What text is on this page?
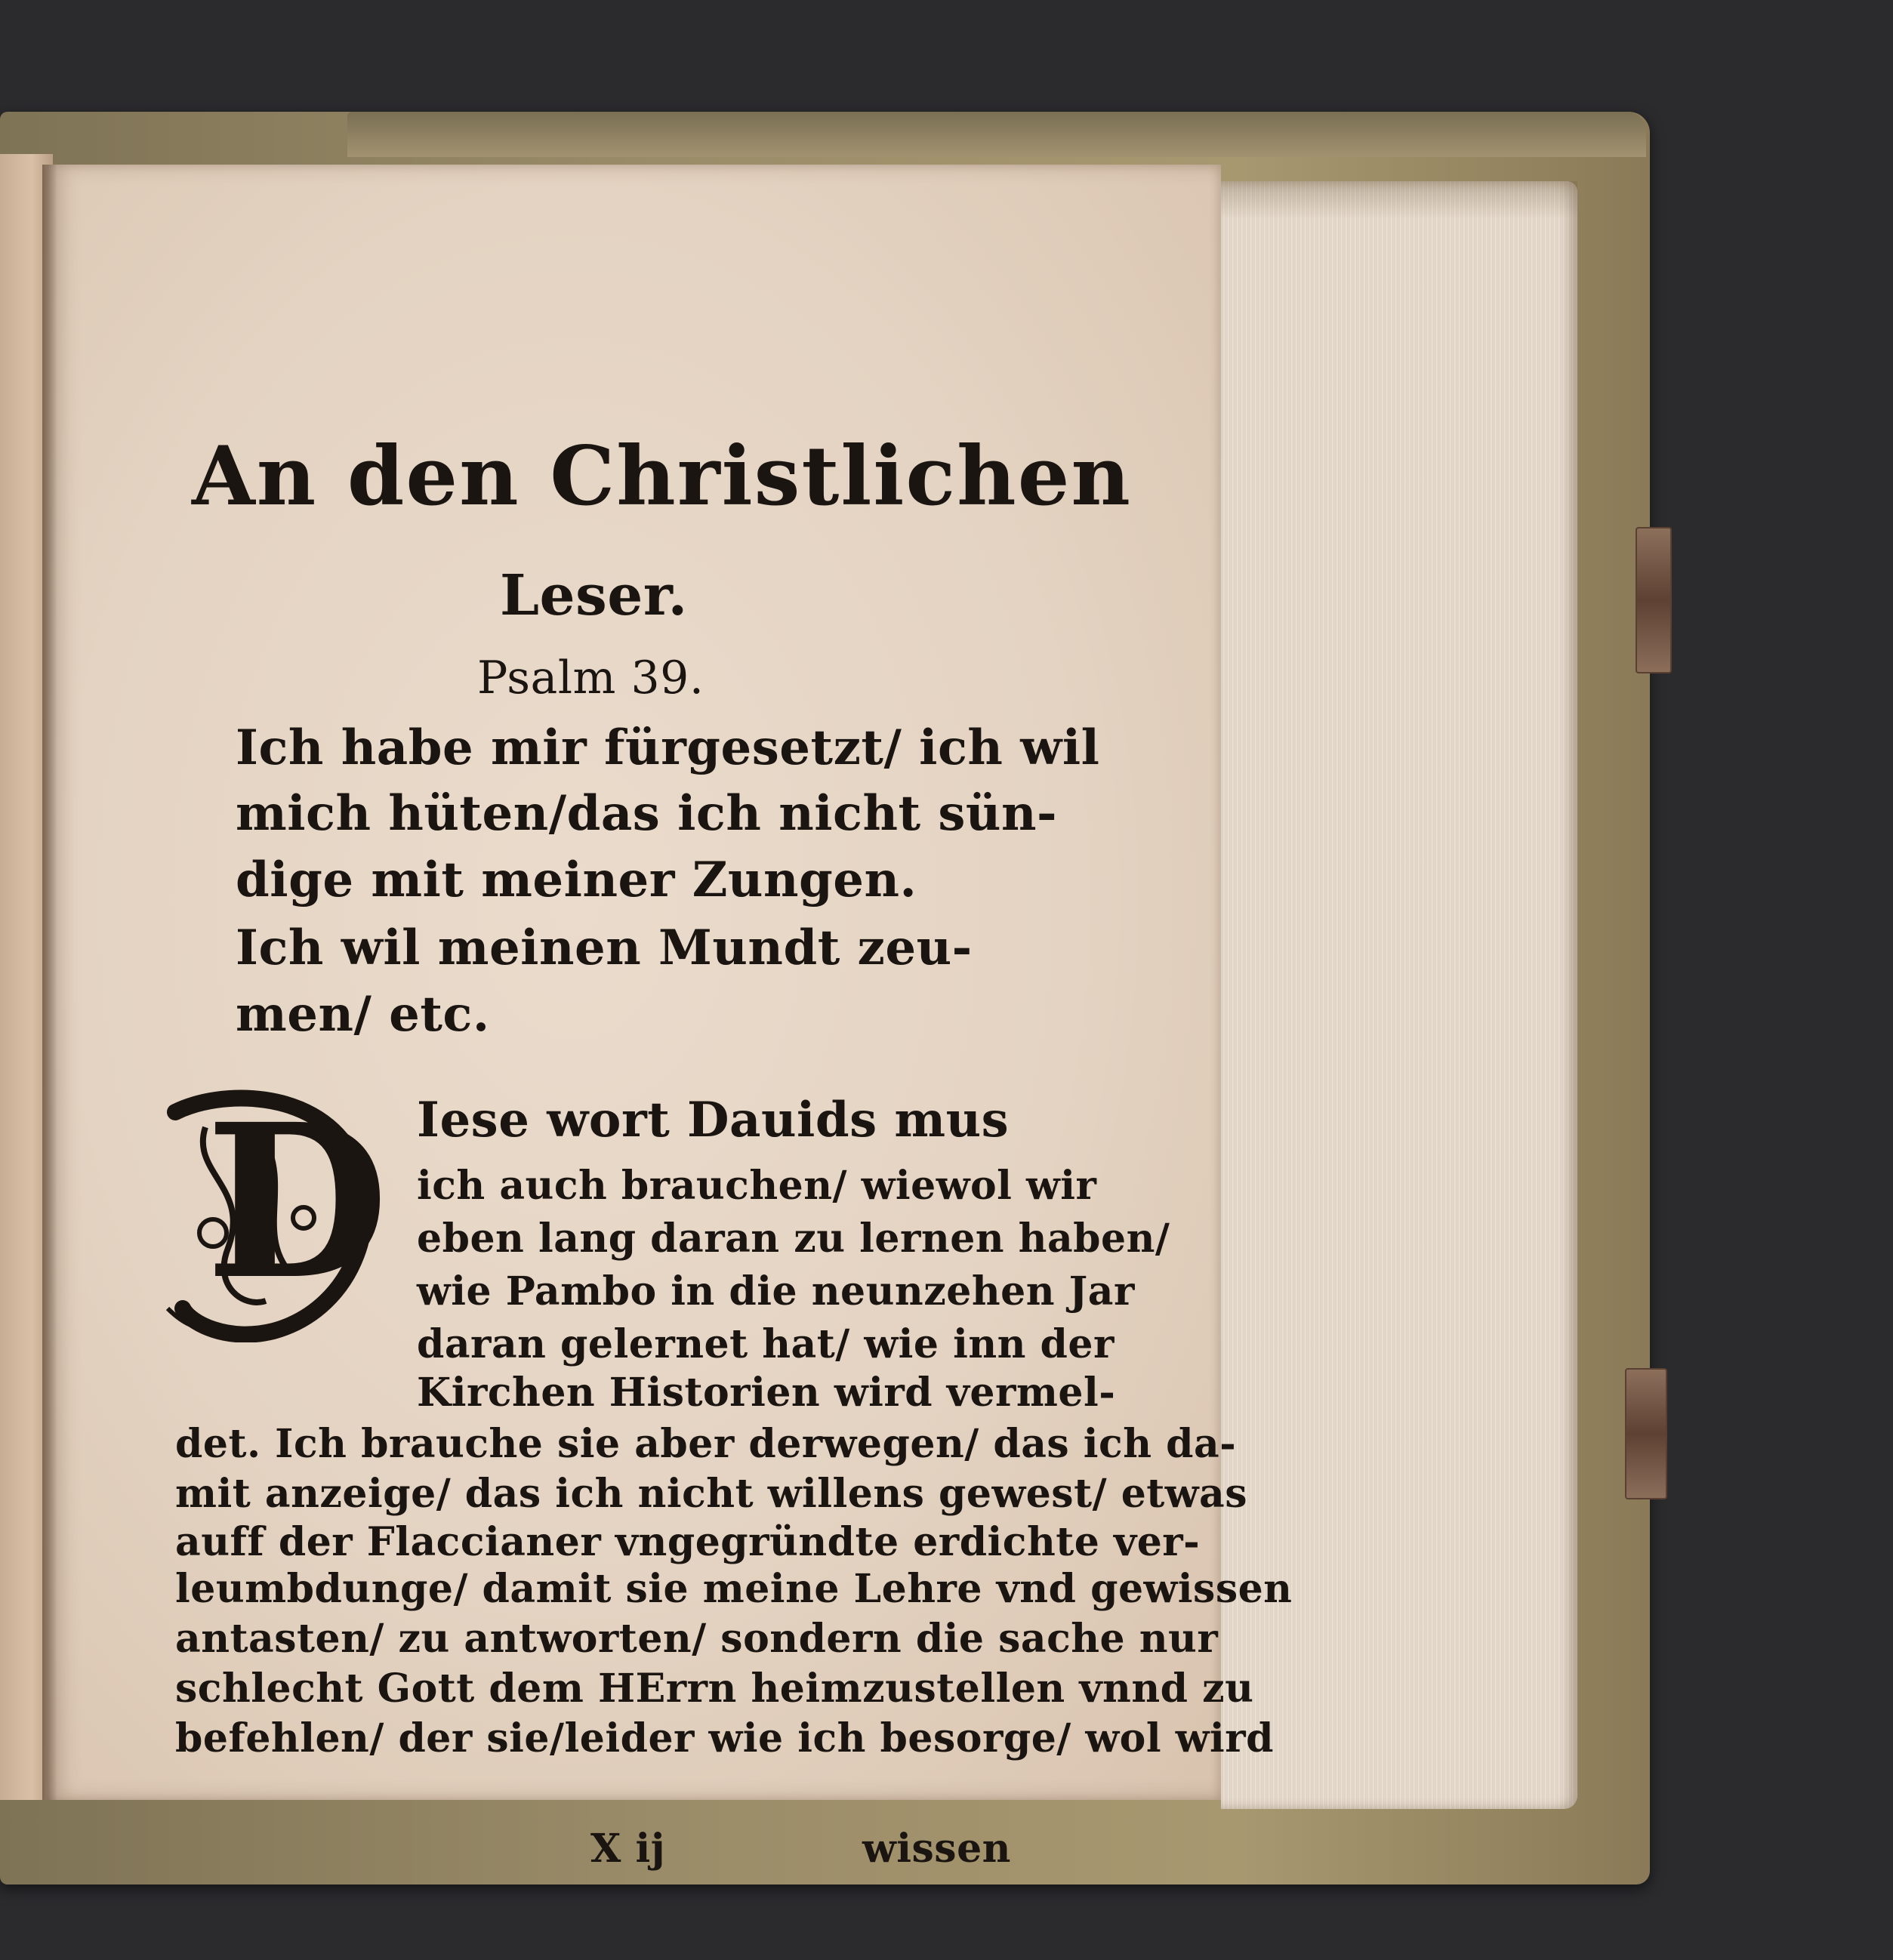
An den Christlichen
Leser.
Psalm 39.
Ich habe mir fürgesetzt/ ich wil
mich hüten/das ich nicht sün-
dige mit meiner Zungen.
Ich wil meinen Mundt zeu-
men/ etc.
Iese wort Dauids mus
ich auch brauchen/ wiewol wir
eben lang daran zu lernen haben/
wie Pambo in die neunzehen Jar
daran gelernet hat/ wie inn der
Kirchen Historien wird vermel-
det. Ich brauche sie aber derwegen/ das ich da-
mit anzeige/ das ich nicht willens gewest/ etwas
auff der Flaccianer vngegründte erdichte ver-
leumbdunge/ damit sie meine Lehre vnd gewissen
antasten/ zu antworten/ sondern die sache nur
schlecht Gott dem HErrn heimzustellen vnnd zu
befehlen/ der sie/leider wie ich besorge/ wol wird
X ij	wissen
D
